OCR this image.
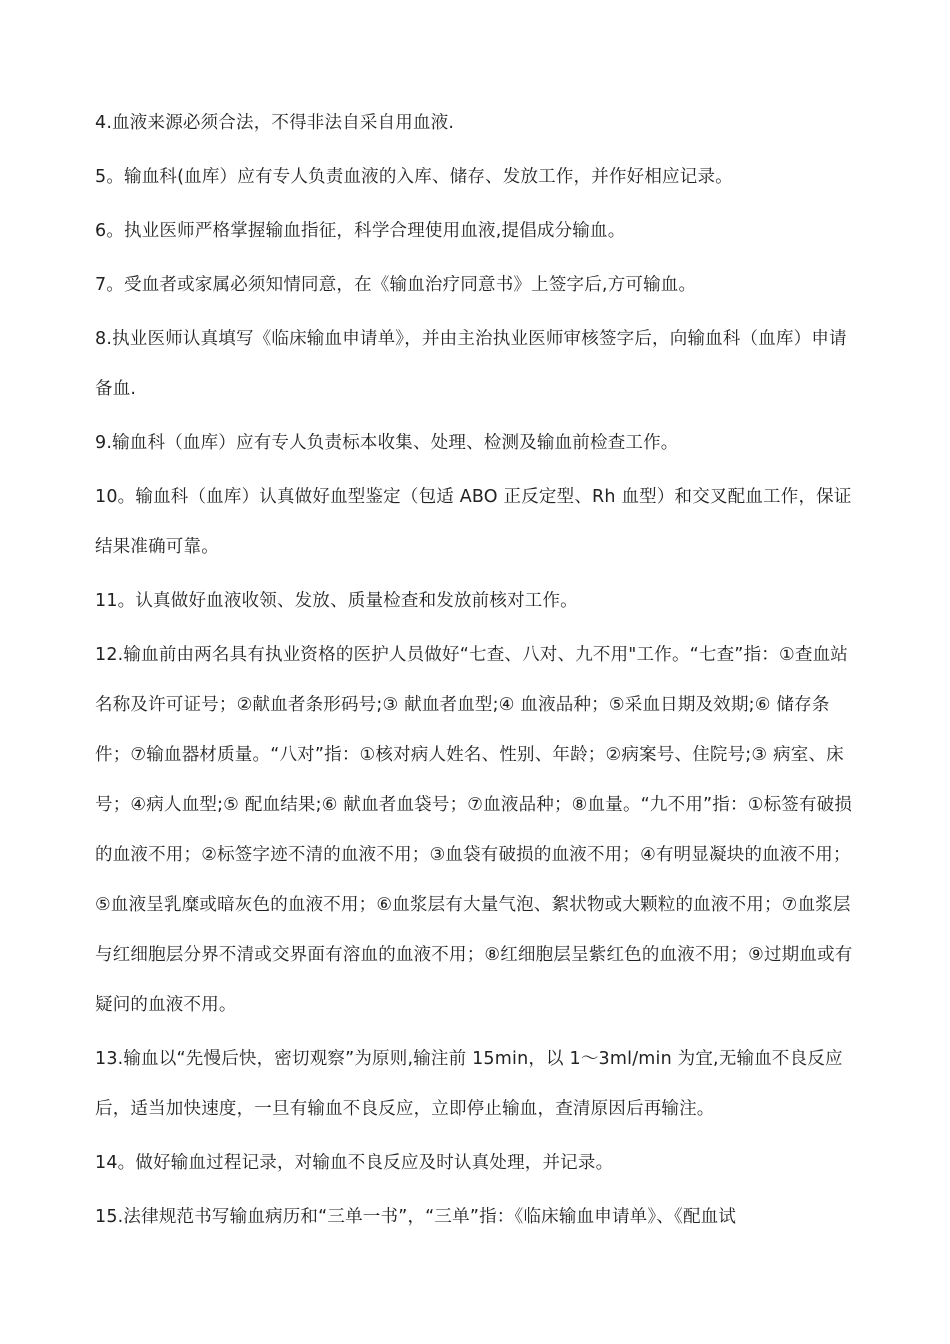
4.血液来源必须合法，不得非法自采自用血液.

5。输血科(血库）应有专人负责血液的入库、储存、发放工作，并作好相应记录。

6。执业医师严格掌握输血指征，科学合理使用血液,提倡成分输血。

7。受血者或家属必须知情同意，在《输血治疗同意书》上签字后,方可输血。

8.执业医师认真填写《临床输血申请单》，并由主治执业医师审核签字后，向输血科（血库）申请备血.

9.输血科（血库）应有专人负责标本收集、处理、检测及输血前检查工作。

10。输血科（血库）认真做好血型鉴定（包适 ABO 正反定型、Rh 血型）和交叉配血工作，保证结果准确可靠。

11。认真做好血液收领、发放、质量检查和发放前核对工作。

12.输血前由两名具有执业资格的医护人员做好“七查、八对、九不用"工作。“七查”指：①查血站名称及许可证号；②献血者条形码号;③ 献血者血型;④ 血液品种；⑤采血日期及效期;⑥ 储存条件；⑦输血器材质量。“八对”指：①核对病人姓名、性别、年龄；②病案号、住院号;③ 病室、床号；④病人血型;⑤ 配血结果;⑥ 献血者血袋号；⑦血液品种；⑧血量。“九不用”指：①标签有破损的血液不用；②标签字迹不清的血液不用；③血袋有破损的血液不用；④有明显凝块的血液不用；⑤血液呈乳糜或暗灰色的血液不用；⑥血浆层有大量气泡、絮状物或大颗粒的血液不用；⑦血浆层与红细胞层分界不清或交界面有溶血的血液不用；⑧红细胞层呈紫红色的血液不用；⑨过期血或有疑问的血液不用。

13.输血以“先慢后快，密切观察”为原则,输注前 15min，以 1～3ml/min 为宜,无输血不良反应后，适当加快速度，一旦有输血不良反应，立即停止输血，查清原因后再输注。

14。做好输血过程记录，对输血不良反应及时认真处理，并记录。

15.法律规范书写输血病历和“三单一书”，“三单”指：《临床输血申请单》、《配血试
